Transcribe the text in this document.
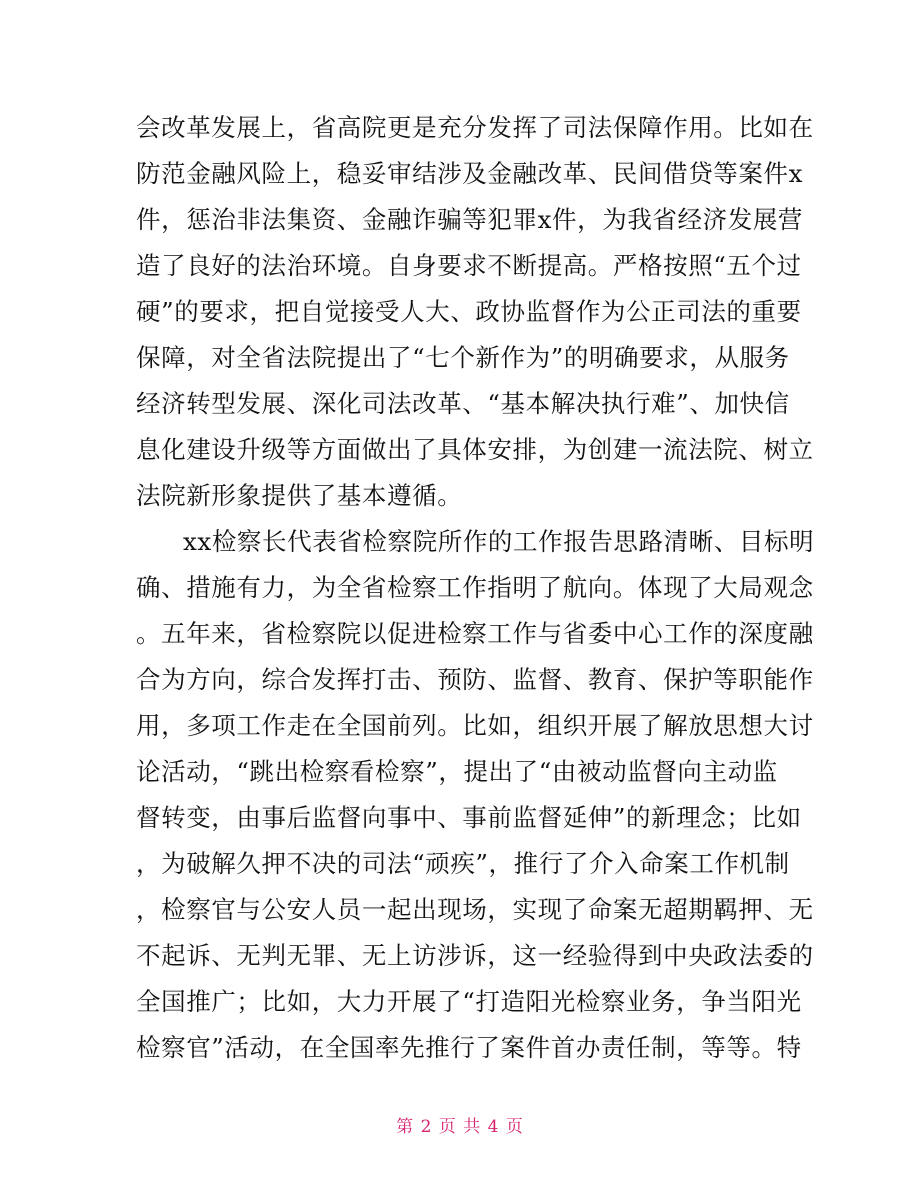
会改革发展上，省高院更是充分发挥了司法保障作用。比如在
防范金融风险上，稳妥审结涉及金融改革、民间借贷等案件x
件，惩治非法集资、金融诈骗等犯罪x件，为我省经济发展营
造了良好的法治环境。自身要求不断提高。严格按照“五个过
硬”的要求，把自觉接受人大、政协监督作为公正司法的重要
保障，对全省法院提出了“七个新作为”的明确要求，从服务
经济转型发展、深化司法改革、“基本解决执行难”、加快信
息化建设升级等方面做出了具体安排，为创建一流法院、树立
法院新形象提供了基本遵循。
xx检察长代表省检察院所作的工作报告思路清晰、目标明
确、措施有力，为全省检察工作指明了航向。体现了大局观念
。五年来，省检察院以促进检察工作与省委中心工作的深度融
合为方向，综合发挥打击、预防、监督、教育、保护等职能作
用，多项工作走在全国前列。比如，组织开展了解放思想大讨
论活动，“跳出检察看检察”，提出了“由被动监督向主动监
督转变，由事后监督向事中、事前监督延伸”的新理念；比如
，为破解久押不决的司法“顽疾”，推行了介入命案工作机制
，检察官与公安人员一起出现场，实现了命案无超期羁押、无
不起诉、无判无罪、无上访涉诉，这一经验得到中央政法委的
全国推广；比如，大力开展了“打造阳光检察业务，争当阳光
检察官”活动，在全国率先推行了案件首办责任制，等等。特
第 2 页 共 4 页
